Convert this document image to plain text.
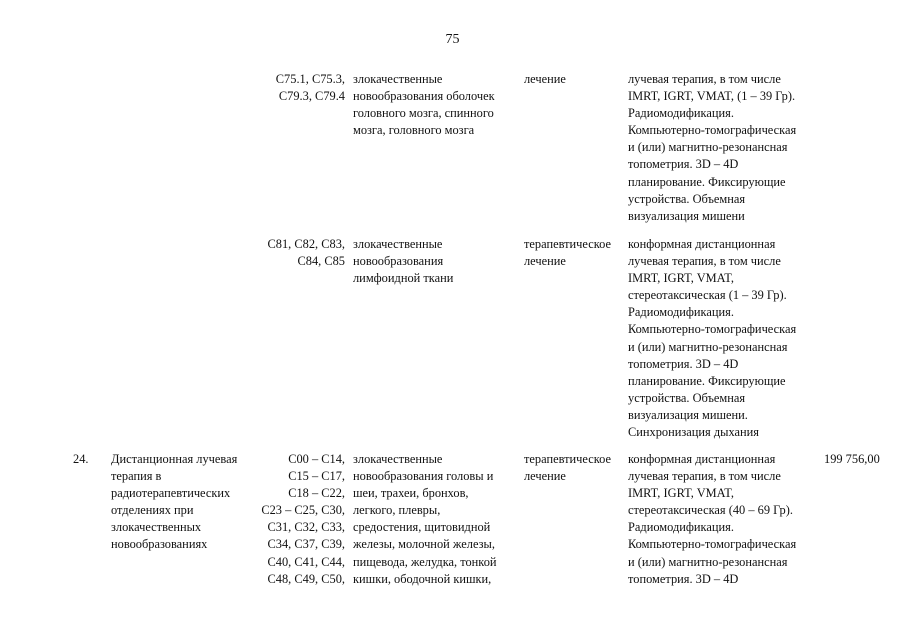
75
C75.1, C75.3,
C79.3, C79.4
злокачественные
новообразования оболочек
головного мозга, спинного
мозга, головного мозга
лечение	лучевая терапия, в том числе
IMRT, IGRT, VMAT, (1 – 39 Гр).
Радиомодификация.
Компьютерно-томографическая
и (или) магнитно-резонансная
топометрия. 3D – 4D
планирование. Фиксирующие
устройства. Объемная
визуализация мишени
C81, C82, C83,
C84, C85
злокачественные
новообразования
лимфоидной ткани
терапевтическое
лечение
конформная дистанционная
лучевая терапия, в том числе
IMRT, IGRT, VMAT,
стереотаксическая (1 – 39 Гр).
Радиомодификация.
Компьютерно-томографическая
и (или) магнитно-резонансная
топометрия. 3D – 4D
планирование. Фиксирующие
устройства. Объемная
визуализация мишени.
Синхронизация дыхания
24.	Дистанционная лучевая
терапия в
радиотерапевтических
отделениях при
злокачественных
новообразованиях
C00 – C14,
C15 – C17,
C18 – C22,
C23 – C25, C30,
C31, C32, C33,
C34, C37, C39,
C40, C41, C44,
C48, C49, C50,
злокачественные
новообразования головы и
шеи, трахеи, бронхов,
легкого, плевры,
средостения, щитовидной
железы, молочной железы,
пищевода, желудка, тонкой
кишки, ободочной кишки,
терапевтическое
лечение
конформная дистанционная
лучевая терапия, в том числе
IMRT, IGRT, VMAT,
стереотаксическая (40 – 69 Гр).
Радиомодификация.
Компьютерно-томографическая
и (или) магнитно-резонансная
топометрия. 3D – 4D
199 756,00
